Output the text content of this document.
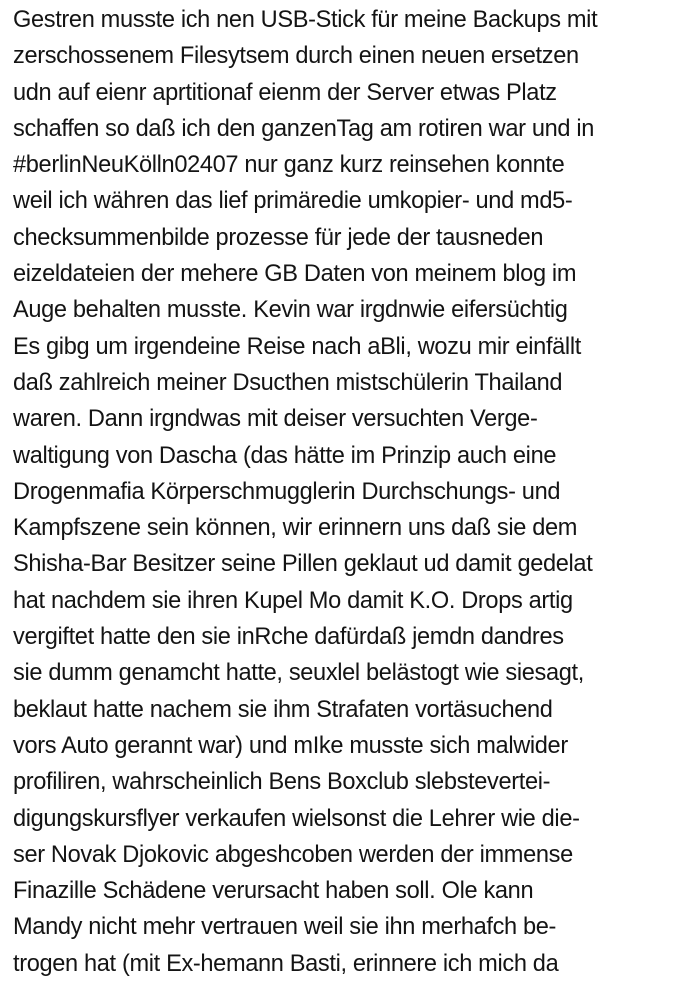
Gestren musste ich nen USB-Stick für meine Backups mit
zerschossenem Filesytsem durch einen neuen ersetzen
udn auf eienr aprtitionaf eienm der Server etwas Platz
schaffen so daß ich den ganzenTag am rotiren war und in
#berlinNeuKölln02407 nur ganz kurz reinsehen konnte
weil ich währen das lief primäredie umkopier- und md5-
checksummenbilde prozesse für jede der tausneden
eizeldateien der mehere GB Daten von meinem blog im
Auge behalten musste. Kevin war irgdnwie eifersüchtig
Es gibg um irgendeine Reise nach aBli, wozu mir einfällt
daß zahlreich meiner Dsucthen mistschülerin Thailand
waren. Dann irgndwas mit deiser versuchten Verge-
waltigung von Dascha (das hätte im Prinzip auch eine
Drogenmafia Körperschmugglerin Durchschungs- und
Kampfszene sein können, wir erinnern uns daß sie dem
Shisha-Bar Besitzer seine Pillen geklaut ud damit gedelat
hat nachdem sie ihren Kupel Mo damit K.O. Drops artig
vergiftet hatte den sie inRche dafürdaß jemdn dandres
sie dumm genamcht hatte, seuxlel belästogt wie siesagt,
beklaut hatte nachem sie ihm Strafaten vortäsuchend
vors Auto gerannt war) und mIke musste sich malwider
profiliren, wahrscheinlich Bens Boxclub slebstevertei-
digungskursflyer verkaufen wielsonst die Lehrer wie die-
ser Novak Djokovic abgeshcoben werden der immense
Finazille Schädene verursacht haben soll. Ole kann
Mandy nicht mehr vertrauen weil sie ihn merhafch be-
trogen hat (mit Ex-hemann Basti, erinnere ich mich da
